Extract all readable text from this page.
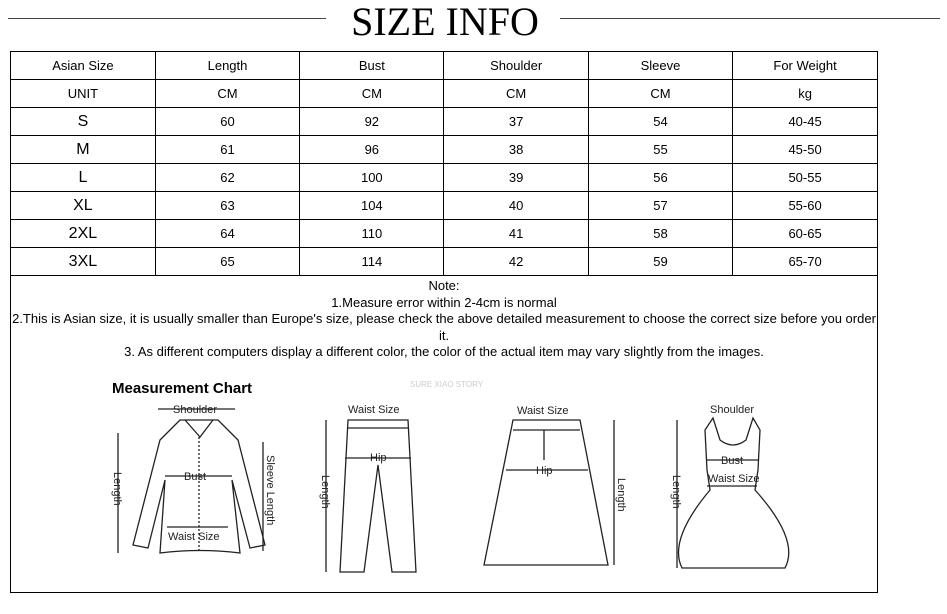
SIZE INFO
Asian Size	Length	Bust	Shoulder	Sleeve	For Weight
UNIT	CM	CM	CM	CM	kg
S	60	92	37	54	40-45
M	61	96	38	55	45-50
L	62	100	39	56	50-55
XL	63	104	40	57	55-60
2XL	64	110	41	58	60-65
3XL	65	114	42	59	65-70
Note:
1.Measure error within 2-4cm is normal
2.This is Asian size, it is usually smaller than Europe's size, please check the above detailed measurement to choose the correct size before you order it.
3. As different computers display a different color, the color of the actual item may vary slightly from the images.
Measurement Chart	SURE XIAO STORY
Shoulder
Bust
Waist Size
Length	Sleeve Length
Waist Size
Hip
Length
Waist Size
Hip
Length
Shoulder
Bust
Waist Size
Length
